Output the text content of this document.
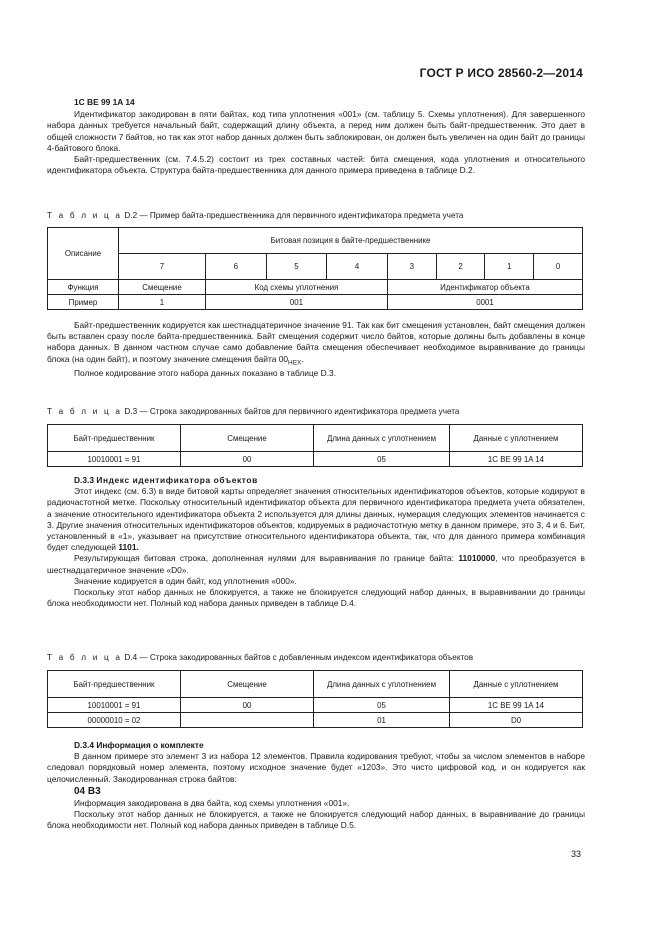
ГОСТ Р ИСО 28560-2—2014

1C BE 99 1A 14

Идентификатор закодирован в пяти байтах, код типа уплотнения «001» (см. таблицу 5. Схемы уплотнения). Для завершенного набора данных требуется начальный байт, содержащий длину объекта, а перед ним должен быть байт-предшественник. Это дает в общей сложности 7 байтов, но так как этот набор данных должен быть заблокирован, он должен быть увеличен на один байт до границы 4-байтового блока.

Байт-предшественник (см. 7.4.5.2) состоит из трех составных частей: бита смещения, кода уплотнения и относительного идентификатора объекта. Структура байта-предшественника для данного примера приведена в таблице D.2.

Т а б л и ц а D.2 — Пример байта-предшественника для первичного идентификатора предмета учета
Описание	Битовая позиция в байте-предшественнике							
	7	6	5	4	3	2	1	0
Функция	Смещение	Код схемы уплотнения			Идентификатор объекта			
Пример	1	001			0001			

Байт-предшественник кодируется как шестнадцатеричное значение 91. Так как бит смещения установлен, байт смещения должен быть вставлен сразу после байта-предшественника. Байт смещения содержит число байтов, которые должны быть добавлены в конце набора данных. В данном частном случае само добавление байта смещения обеспечивает необходимое выравнивание до границы блока (на один байт), и поэтому значение смещения байта $00_{HEX}$.

Полное кодирование этого набора данных показано в таблице D.3.

Т а б л и ц а D.3 — Строка закодированных байтов для первичного идентификатора предмета учета
Байт-предшественник	Смещение	Длина данных с уплотнением	Данные с уплотнением
10010001 = 91	00	05	1C BE 99 1A 14

D.3.3 Индекс идентификатора объектов

Этот индекс (см. 6.3) в виде битовой карты определяет значения относительных идентификаторов объектов, которые кодируют в радиочастотной метке. Поскольку относительный идентификатор объекта для первичного идентификатора предмета учета обязателен, а значение относительного идентификатора объекта 2 используется для длины данных, нумерация следующих элементов начинается с 3. Другие значения относительных идентификаторов объектов, кодируемых в радиочастотную метку в данном примере, это 3, 4 и 6. Бит, установленный в «1», указывает на присутствие относительного идентификатора объекта, так, что для данного примера комбинация будет следующей 1101.

Результирующая битовая строка, дополненная нулями для выравнивания по границе байта: 11010000, что преобразуется в шестнадцатеричное значение «D0».

Значение кодируется в один байт, код уплотнения «000».

Поскольку этот набор данных не блокируется, а также не блокируется следующий набор данных, в выравнивании до границы блока необходимости нет. Полный код набора данных приведен в таблице D.4.

Т а б л и ц а D.4 — Строка закодированных байтов с добавленным индексом идентификатора объектов
Байт-предшественник	Смещение	Длина данных с уплотнением	Данные с уплотнением
10010001 = 91	00	05	1C BE 99 1A 14
00000010 = 02		01	D0

D.3.4 Информация о комплекте

В данном примере это элемент 3 из набора 12 элементов. Правила кодирования требуют, чтобы за числом элементов в наборе следовал порядковый номер элемента, поэтому исходное значение будет «1203». Это чисто цифровой код, и он кодируется как целочисленный. Закодированная строка байтов:

04 B3

Информация закодирована в два байта, код схемы уплотнения «001».

Поскольку этот набор данных не блокируется, а также не блокируется следующий набор данных, в выравнивание до границы блока необходимости нет. Полный код набора данных приведен в таблице D.5.

33
